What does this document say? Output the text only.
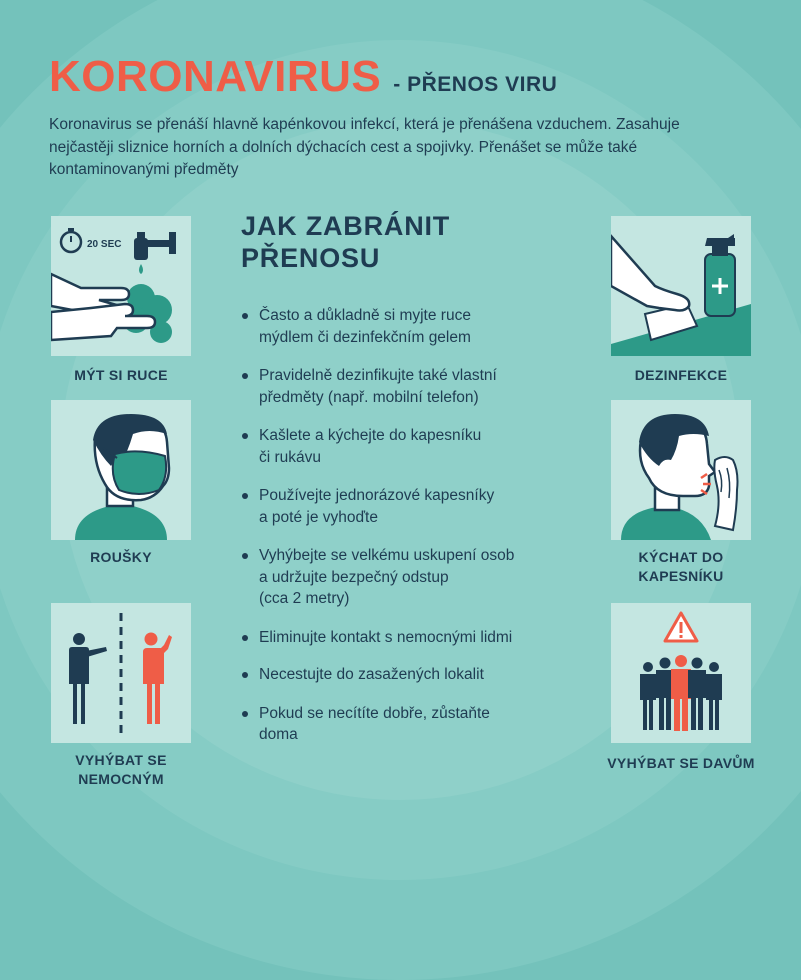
KORONAVIRUS - PŘENOS VIRU
Koronavirus se přenáší hlavně kapénkovou infekcí, která je přenášena vzduchem. Zasahuje nejčastěji sliznice horních a dolních dýchacích cest a spojivky. Přenášet se může také kontaminovanými předměty
20 SEC
MÝT SI RUCE
ROUŠKY
VYHÝBAT SE NEMOCNÝM
DEZINFEKCE
KÝCHAT DO KAPESNÍKU
VYHÝBAT SE DAVŮM
JAK ZABRÁNIT PŘENOSU
Často a důkladně si myjte ruce
mýdlem či dezinfekčním gelem
Pravidelně dezinfikujte také vlastní
předměty (např. mobilní telefon)
Kašlete a kýchejte do kapesníku
či rukávu
Používejte jednorázové kapesníky
a poté je vyhoďte
Vyhýbejte se velkému uskupení osob
a udržujte bezpečný odstup
(cca 2 metry)
Eliminujte kontakt s nemocnými lidmi
Necestujte do zasažených lokalit
Pokud se necítíte dobře, zůstaňte
doma
